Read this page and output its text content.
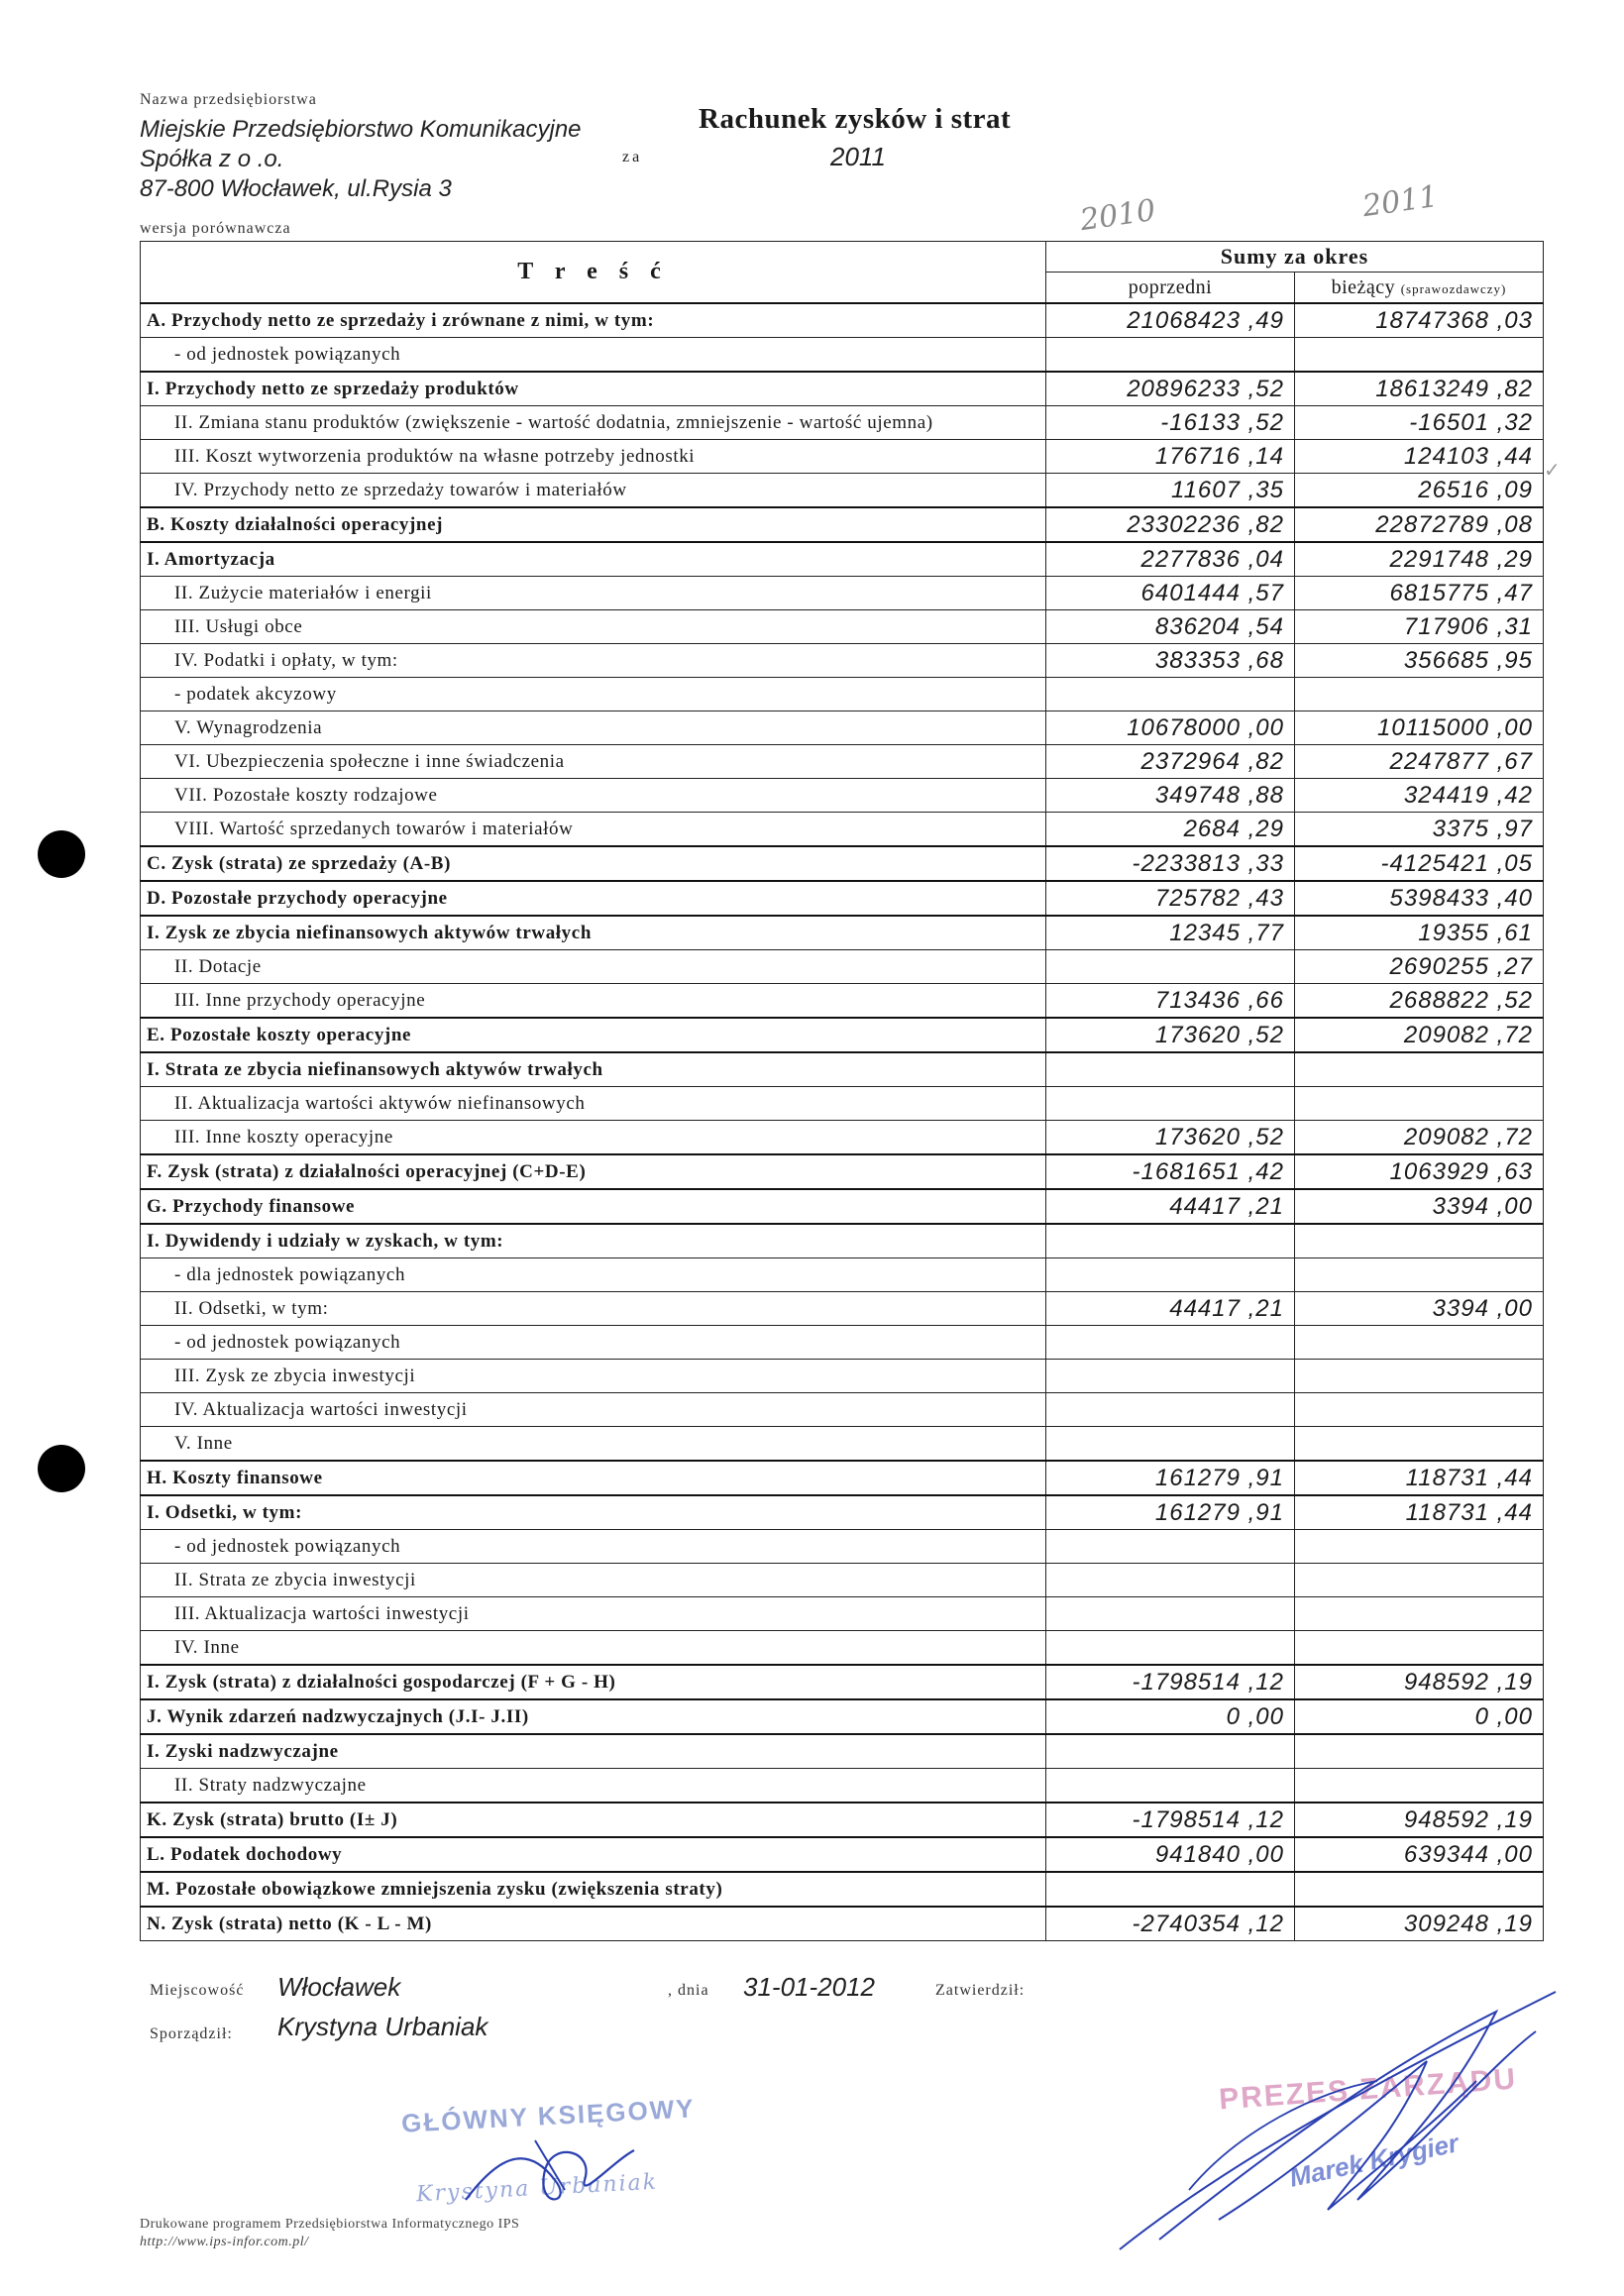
Nazwa przedsiębiorstwa
Miejskie Przedsiębiorstwo Komunikacyjne
Spółka z o .o.
87-800 Włocławek, ul.Rysia 3
Rachunek zysków i strat
za	2011
wersja porównawcza	2010	2011
✓
T r e ś ć	Sumy za okres	
	poprzedni	bieżący (sprawozdawczy)
A. Przychody netto ze sprzedaży i zrównane z nimi, w tym:	21068423 ,49	18747368 ,03
- od jednostek powiązanych		
I. Przychody netto ze sprzedaży produktów	20896233 ,52	18613249 ,82
II. Zmiana stanu produktów (zwiększenie - wartość dodatnia, zmniejszenie - wartość ujemna)	-16133 ,52	-16501 ,32
III. Koszt wytworzenia produktów na własne potrzeby jednostki	176716 ,14	124103 ,44
IV. Przychody netto ze sprzedaży towarów i materiałów	11607 ,35	26516 ,09
B. Koszty działalności operacyjnej	23302236 ,82	22872789 ,08
I. Amortyzacja	2277836 ,04	2291748 ,29
II. Zużycie materiałów i energii	6401444 ,57	6815775 ,47
III. Usługi obce	836204 ,54	717906 ,31
IV. Podatki i opłaty, w tym:	383353 ,68	356685 ,95
- podatek akcyzowy		
V. Wynagrodzenia	10678000 ,00	10115000 ,00
VI. Ubezpieczenia społeczne i inne świadczenia	2372964 ,82	2247877 ,67
VII. Pozostałe koszty rodzajowe	349748 ,88	324419 ,42
VIII. Wartość sprzedanych towarów i materiałów	2684 ,29	3375 ,97
C. Zysk (strata) ze sprzedaży (A-B)	-2233813 ,33	-4125421 ,05
D. Pozostałe przychody operacyjne	725782 ,43	5398433 ,40
I. Zysk ze zbycia niefinansowych aktywów trwałych	12345 ,77	19355 ,61
II. Dotacje		2690255 ,27
III. Inne przychody operacyjne	713436 ,66	2688822 ,52
E. Pozostałe koszty operacyjne	173620 ,52	209082 ,72
I. Strata ze zbycia niefinansowych aktywów trwałych		
II. Aktualizacja wartości aktywów niefinansowych		
III. Inne koszty operacyjne	173620 ,52	209082 ,72
F. Zysk (strata) z działalności operacyjnej (C+D-E)	-1681651 ,42	1063929 ,63
G. Przychody finansowe	44417 ,21	3394 ,00
I. Dywidendy i udziały w zyskach, w tym:		
- dla jednostek powiązanych		
II. Odsetki, w tym:	44417 ,21	3394 ,00
- od jednostek powiązanych		
III. Zysk ze zbycia inwestycji		
IV. Aktualizacja wartości inwestycji		
V. Inne		
H. Koszty finansowe	161279 ,91	118731 ,44
I. Odsetki, w tym:	161279 ,91	118731 ,44
- od jednostek powiązanych		
II. Strata ze zbycia inwestycji		
III. Aktualizacja wartości inwestycji		
IV. Inne		
I. Zysk (strata) z działalności gospodarczej (F + G - H)	-1798514 ,12	948592 ,19
J. Wynik zdarzeń nadzwyczajnych (J.I- J.II)	0 ,00	0 ,00
I. Zyski nadzwyczajne		
II. Straty nadzwyczajne		
K. Zysk (strata) brutto (I± J)	-1798514 ,12	948592 ,19
L. Podatek dochodowy	941840 ,00	639344 ,00
M. Pozostałe obowiązkowe zmniejszenia zysku (zwiększenia straty)		
N. Zysk (strata) netto (K - L - M)	-2740354 ,12	309248 ,19
Miejscowość Włocławek	, dnia 31-01-2012	Zatwierdził:
Sporządził: Krystyna Urbaniak
GŁÓWNY KSIĘGOWY
Krystyna Urbaniak
PREZES ZARZĄDU
Marek Krygier
Drukowane programem Przedsiębiorstwa Informatycznego IPS
http://www.ips-infor.com.pl/
